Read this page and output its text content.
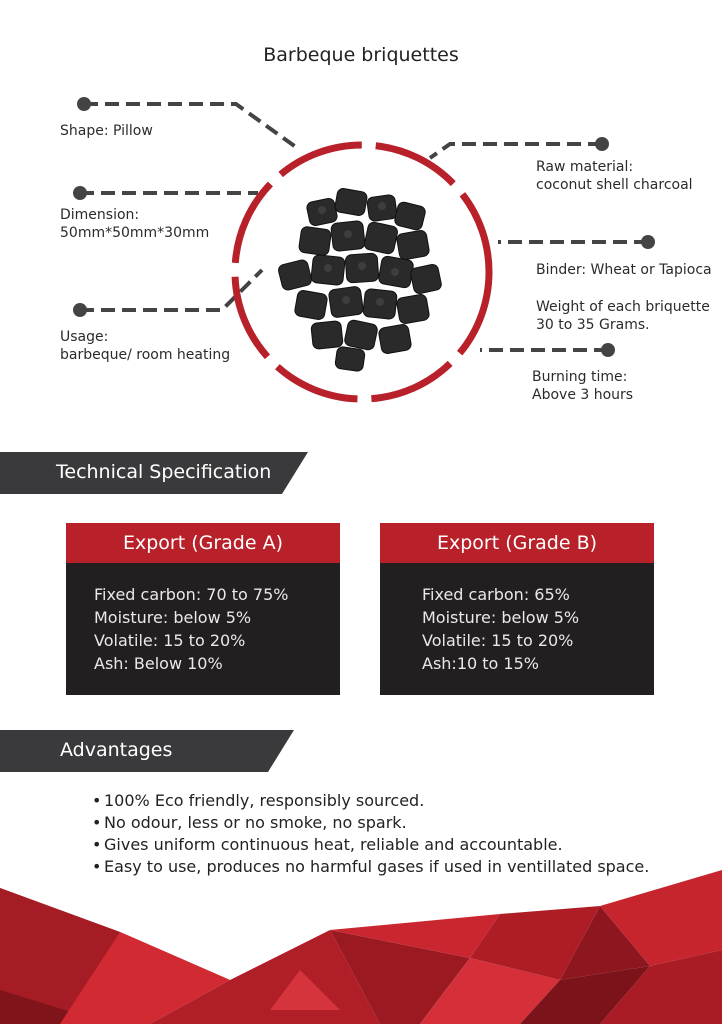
Barbeque briquettes
Shape: Pillow
Dimension:
50mm*50mm*30mm
Usage:
barbeque/ room heating
Raw material:
coconut shell charcoal
Binder: Wheat or Tapioca
Weight of each briquette
30 to 35 Grams.
Burning time:
Above 3 hours
Technical Specification
Export (Grade A)
Fixed carbon: 70 to 75%
Moisture: below 5%
Volatile: 15 to 20%
Ash: Below 10%
Export (Grade B)
Fixed carbon: 65%
Moisture: below 5%
Volatile: 15 to 20%
Ash:10 to 15%
Advantages
• 100% Eco friendly, responsibly sourced.
• No odour, less or no smoke, no spark.
• Gives uniform continuous heat, reliable and accountable.
• Easy to use, produces no harmful gases if used in ventillated space.
